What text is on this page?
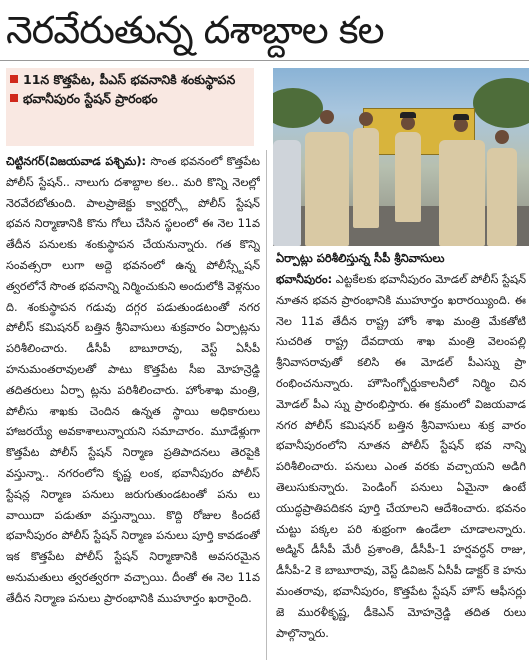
నెరవేరుతున్న దశాబ్దాల కల
11న కొత్తపేట, పీఎస్ భవనానికి శంకుస్థాపన
భవానీపురం స్టేషన్ ప్రారంభం
ఏర్పాట్లు పరిశీలిస్తున్న సీపీ శ్రీనివాసులు

చిట్టినగర్(విజయవాడ పశ్చిమ): సొంత భవనంలో కొత్తపేట పోలీస్ స్టేషన్.. నాలుగు దశాబ్దాల కల.. మరి కొన్ని నెలల్లో నెరవేరబోతుంది. పాలప్రాజెక్టు క్వార్టర్స్లో పోలీస్ స్టేషన్ భవన నిర్మాణానికి కొను గోలు చేసిన స్థలంలో ఈ నెల 11వ తేదీన పనులకు శంకుస్థాపన చేయనున్నారు. గత కొన్ని సంవత్సరా లుగా అద్దె భవనంలో ఉన్న పోలీస్స్టేషన్ త్వరలోనే సొంత భవనాన్ని నిర్మించుకుని అందులోకి వెళ్లనుం ది. శంకుస్థాపన గడువు దగ్గర పడుతుండటంతో నగర పోలీస్ కమిషనర్ బత్తిన శ్రీనివాసులు శుక్రవారం ఏర్పాట్లను పరిశీలించారు. డీసీపీ బాబూరావు, వెస్ట్ ఏసీపీ హనుమంతరావులతో పాటు కొత్తపేట సీఐ మోహన్రెడ్డి తదితరులు ఏర్పా ట్లను పరిశీలించారు. హోంశాఖ మంత్రి, పోలీసు శాఖకు చెందిన ఉన్నత స్థాయి అధికారులు హాజరయ్యే అవకాశాలున్నాయని సమాచారం. మూడేళ్లుగా కొత్తపేట పోలీస్ స్టేషన్ నిర్మాణ ప్రతిపాదనలు తెరపైకి వస్తున్నా.. నగరంలోని కృష్ణ లంక, భవానీపురం పోలీస్ స్టేషన్ల నిర్మాణ పనులు జరుగుతుండటంతో పను లు వాయిదా పడుతూ వస్తున్నాయి. కొద్ది రోజుల కిందటే భవానీపురం పోలీస్ స్టేషన్ నిర్మాణ పనులు పూర్తి కావడంతో ఇక కొత్తపేట పోలీస్ స్టేషన్ నిర్మాణానికి అవసరమైన అనుమతులు త్వరత్వరగా వచ్చాయి. దీంతో ఈ నెల 11వ తేదీన నిర్మాణ పనులు ప్రారంభానికి ముహూర్తం ఖరారైంది.

భవానీపురం: ఎట్టకేలకు భవానీపురం మోడల్ పోలీస్ స్టేషన్ నూతన భవన ప్రారంభానికి ముహూర్తం ఖరారయ్యింది. ఈ నెల 11వ తేదీన రాష్ట్ర హోం శాఖ మంత్రి మేకతోటి సుచరిత రాష్ట్ర దేవదాయ శాఖ మంత్రి వెలంపల్లి శ్రీనివాసరావుతో కలిసి ఈ మోడల్ పీఎస్ను ప్రా రంభించనున్నారు. హౌసింగ్బోర్డుకాలనీలో నిర్మిం చిన మోడల్ పీఎ స్ను ప్రారంభిస్తారు. ఈ క్రమంలో విజయవాడ నగర పోలీస్ కమిషనర్ బత్తిన శ్రీనివాసులు శుక్ర వారం భవానీపురంలోని నూతన పోలీస్ స్టేషన్ భవ నాన్ని పరిశీలించారు. పనులు ఎంత వరకు వచ్చాయని అడిగి తెలుసుకున్నారు. పెండింగ్ పనులు ఏమైనా ఉంటే యుద్ధప్రాతిపదికన పూర్తి చేయాలని ఆదేశించారు. భవనం చుట్టు పక్కల పరి శుభ్రంగా ఉండేలా చూడాలన్నారు. అడ్మిన్ డీసీపీ మేరీ ప్రశాంతి, డీసీపీ-1 హర్షవర్ధన్ రాజు, డీసీపీ-2 కె బాబూరావు, వెస్ట్ డివిజన్ ఏసీపీ డాక్టర్ కె హను మంతరావు, భవానీపురం, కొత్తపేట స్టేషన్ హౌస్ ఆఫీసర్లు జె మురళీకృష్ణ, డీకెఎన్ మోహన్రెడ్డి తదిత రులు పాల్గొన్నారు.
